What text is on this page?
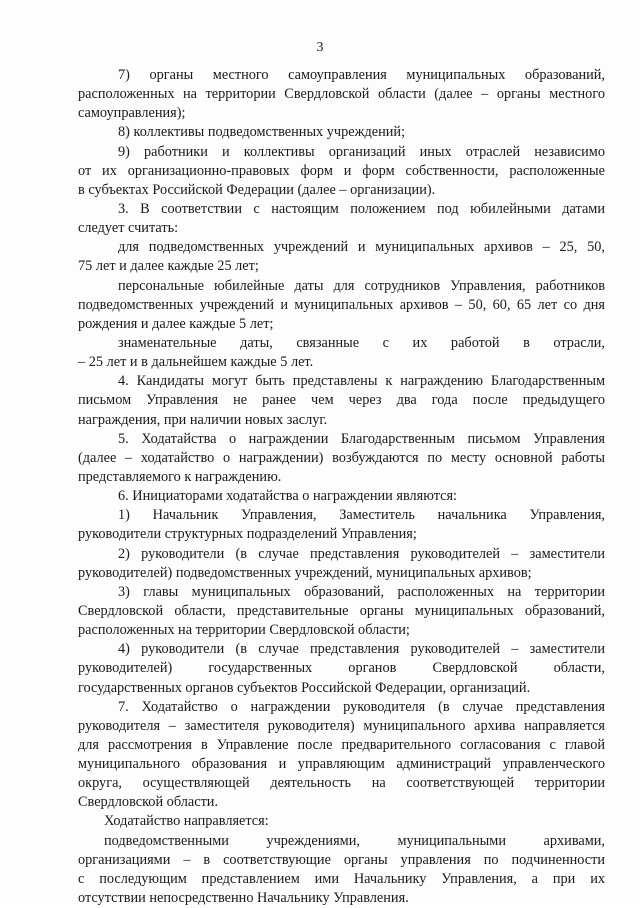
3
7) органы местного самоуправления муниципальных образований,
расположенных на территории Свердловской области (далее – органы местного
самоуправления);
8) коллективы подведомственных учреждений;
9) работники и коллективы организаций иных отраслей независимо
от их организационно-правовых форм и форм собственности, расположенные
в субъектах Российской Федерации (далее – организации).
3. В соответствии с настоящим положением под юбилейными датами
следует считать:
для подведомственных учреждений и муниципальных архивов – 25, 50,
75 лет и далее каждые 25 лет;
персональные юбилейные даты для сотрудников Управления, работников
подведомственных учреждений и муниципальных архивов – 50, 60, 65 лет со дня
рождения и далее каждые 5 лет;
знаменательные даты, связанные с их работой в отрасли,
– 25 лет и в дальнейшем каждые 5 лет.
4. Кандидаты могут быть представлены к награждению Благодарственным
письмом Управления не ранее чем через два года после предыдущего
награждения, при наличии новых заслуг.
5. Ходатайства о награждении Благодарственным письмом Управления
(далее – ходатайство о награждении) возбуждаются по месту основной работы
представляемого к награждению.
6. Инициаторами ходатайства о награждении являются:
1) Начальник Управления, Заместитель начальника Управления,
руководители структурных подразделений Управления;
2) руководители (в случае представления руководителей – заместители
руководителей) подведомственных учреждений, муниципальных архивов;
3) главы муниципальных образований, расположенных на территории
Свердловской области, представительные органы муниципальных образований,
расположенных на территории Свердловской области;
4) руководители (в случае представления руководителей – заместители
руководителей) государственных органов Свердловской области,
государственных органов субъектов Российской Федерации, организаций.
7. Ходатайство о награждении руководителя (в случае представления
руководителя – заместителя руководителя) муниципального архива направляется
для рассмотрения в Управление после предварительного согласования с главой
муниципального образования и управляющим администраций управленческого
округа, осуществляющей деятельность на соответствующей территории
Свердловской области.
Ходатайство направляется:
подведомственными учреждениями, муниципальными архивами,
организациями – в соответствующие органы управления по подчиненности
с последующим представлением ими Начальнику Управления, а при их
отсутствии непосредственно Начальнику Управления.
